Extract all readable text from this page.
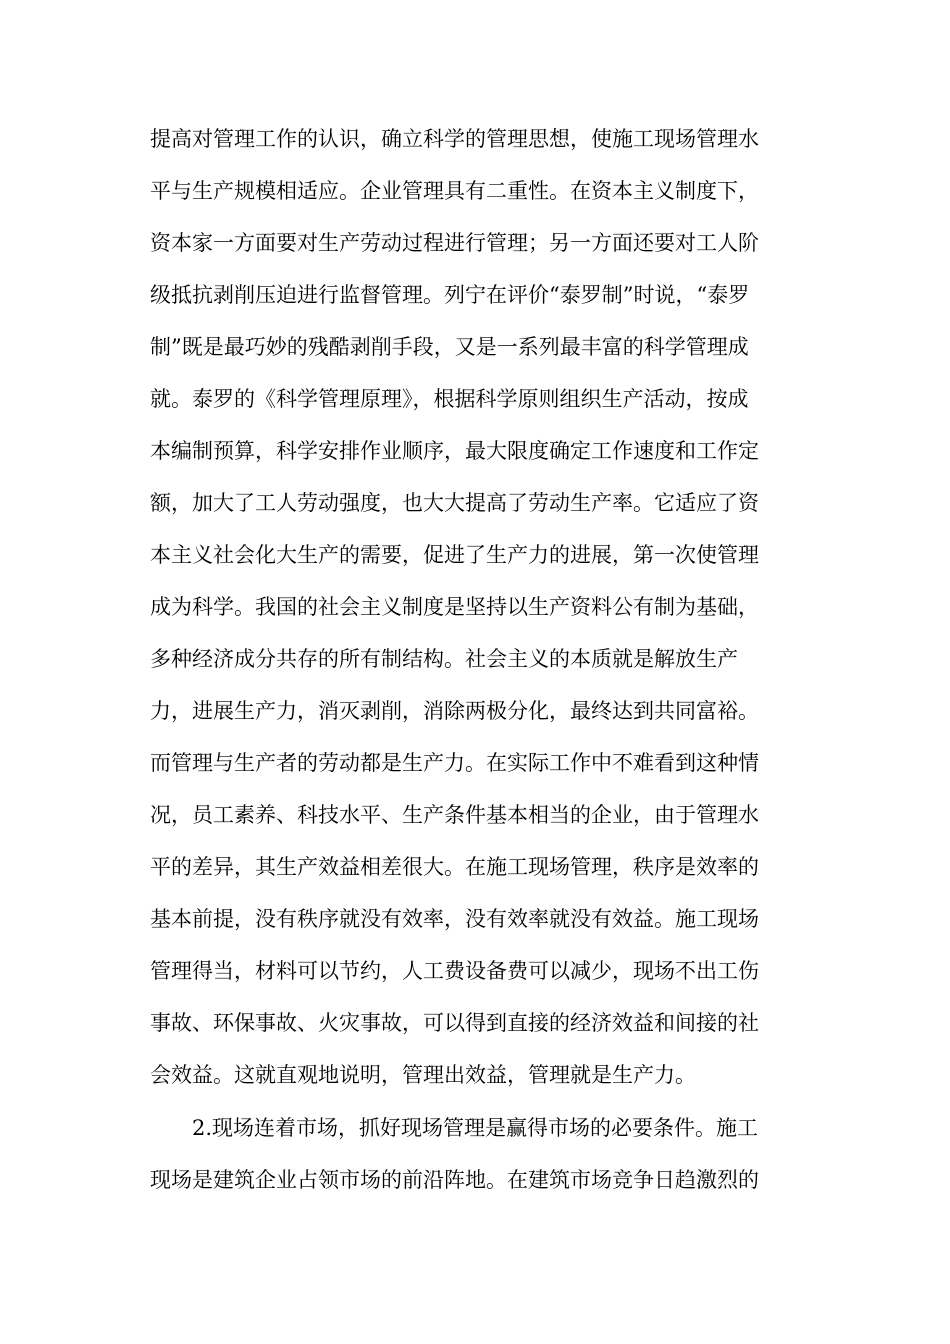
提高对管理工作的认识，确立科学的管理思想，使施工现场管理水
平与生产规模相适应。企业管理具有二重性。在资本主义制度下，
资本家一方面要对生产劳动过程进行管理；另一方面还要对工人阶
级抵抗剥削压迫进行监督管理。列宁在评价“泰罗制”时说，“泰罗
制”既是最巧妙的残酷剥削手段，又是一系列最丰富的科学管理成
就。泰罗的《科学管理原理》，根据科学原则组织生产活动，按成
本编制预算，科学安排作业顺序，最大限度确定工作速度和工作定
额，加大了工人劳动强度，也大大提高了劳动生产率。它适应了资
本主义社会化大生产的需要，促进了生产力的进展，第一次使管理
成为科学。我国的社会主义制度是坚持以生产资料公有制为基础，
多种经济成分共存的所有制结构。社会主义的本质就是解放生产
力，进展生产力，消灭剥削，消除两极分化，最终达到共同富裕。
而管理与生产者的劳动都是生产力。在实际工作中不难看到这种情
况，员工素养、科技水平、生产条件基本相当的企业，由于管理水
平的差异，其生产效益相差很大。在施工现场管理，秩序是效率的
基本前提，没有秩序就没有效率，没有效率就没有效益。施工现场
管理得当，材料可以节约，人工费设备费可以减少，现场不出工伤
事故、环保事故、火灾事故，可以得到直接的经济效益和间接的社
会效益。这就直观地说明，管理出效益，管理就是生产力。
2.现场连着市场，抓好现场管理是赢得市场的必要条件。施工
现场是建筑企业占领市场的前沿阵地。在建筑市场竞争日趋激烈的
